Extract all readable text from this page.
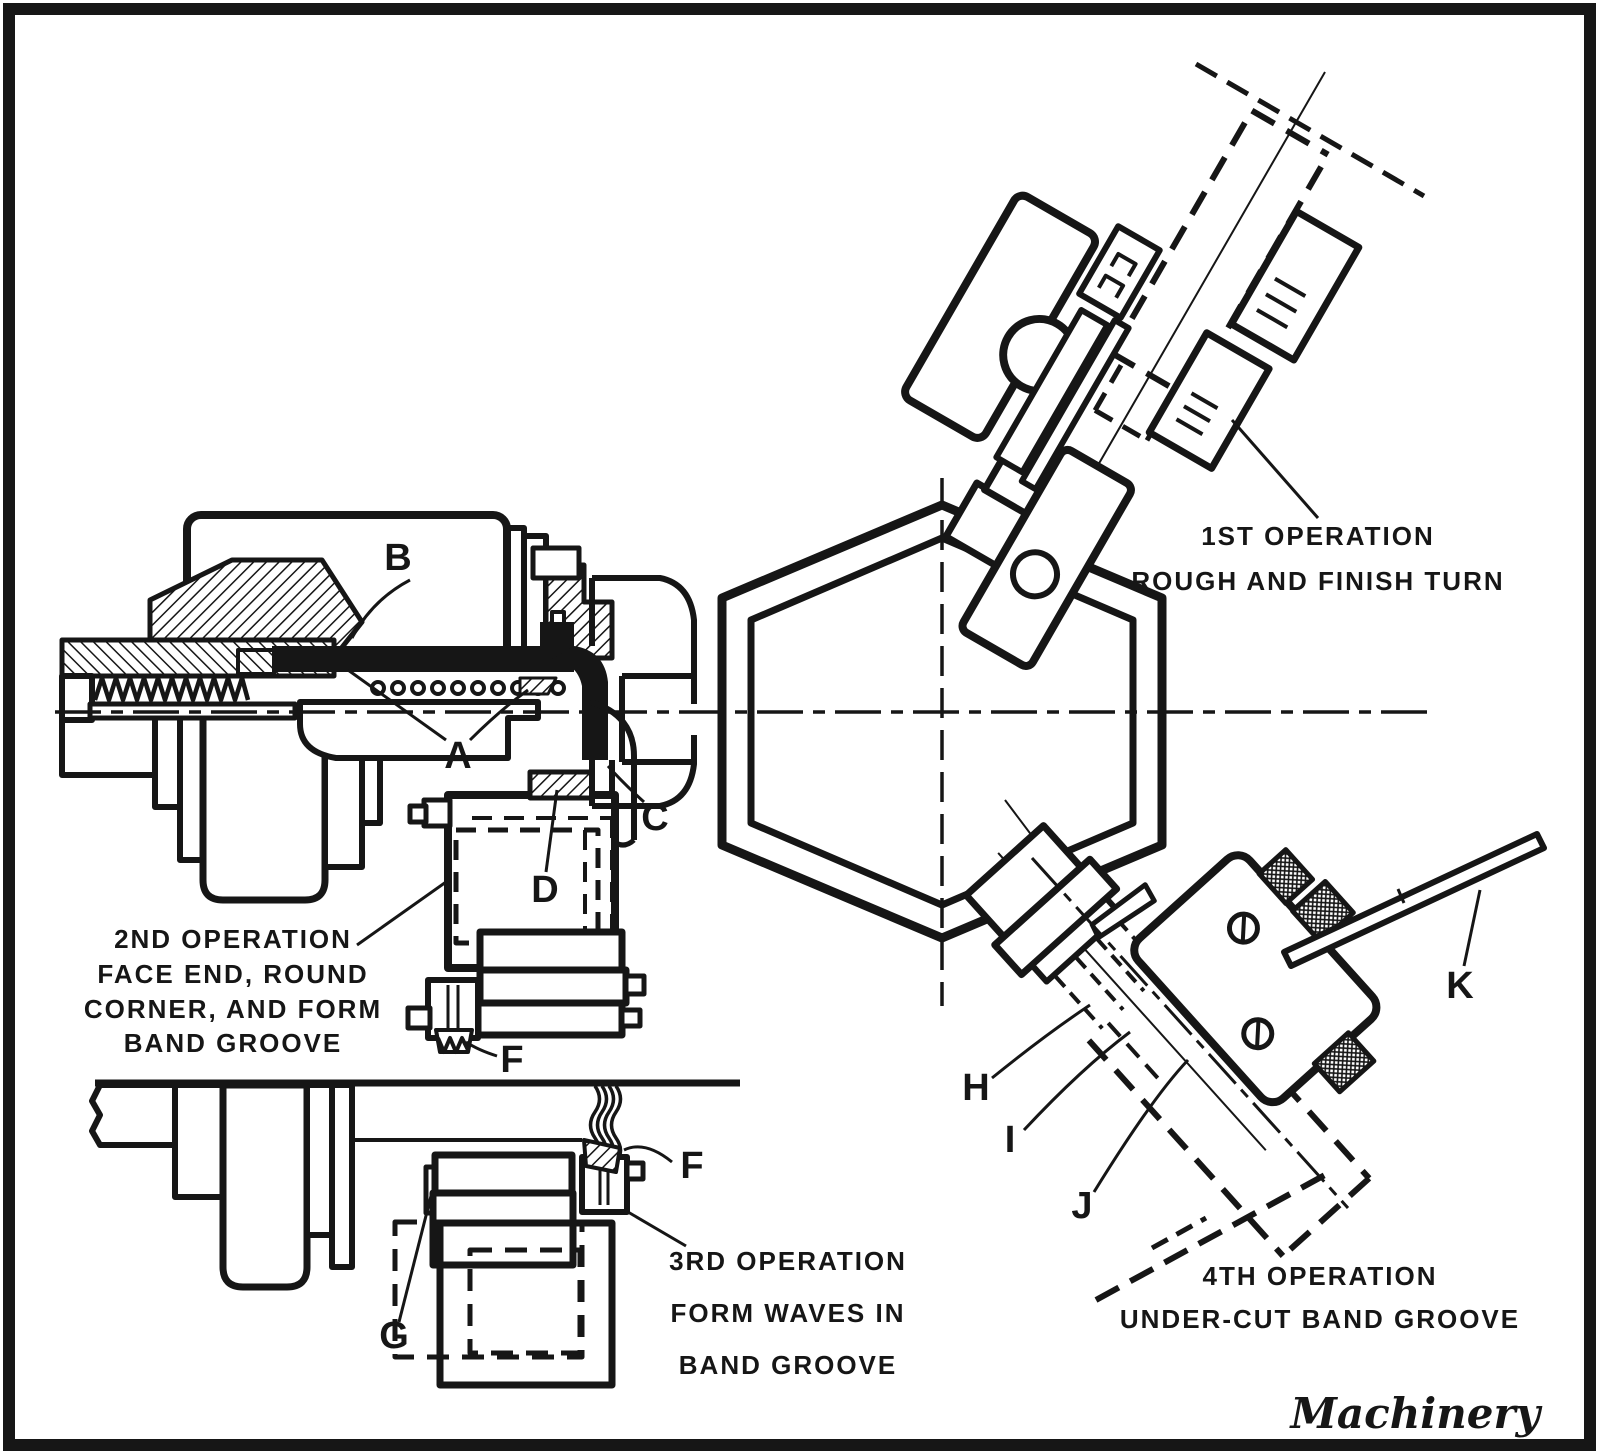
A
B
C
D
F
F
G
H
I
J
K
1ST OPERATION
ROUGH AND FINISH TURN
2ND OPERATION
FACE END, ROUND
CORNER, AND FORM
BAND GROOVE
3RD OPERATION
FORM WAVES IN
BAND GROOVE
4TH OPERATION
UNDER-CUT BAND GROOVE
Machinery
